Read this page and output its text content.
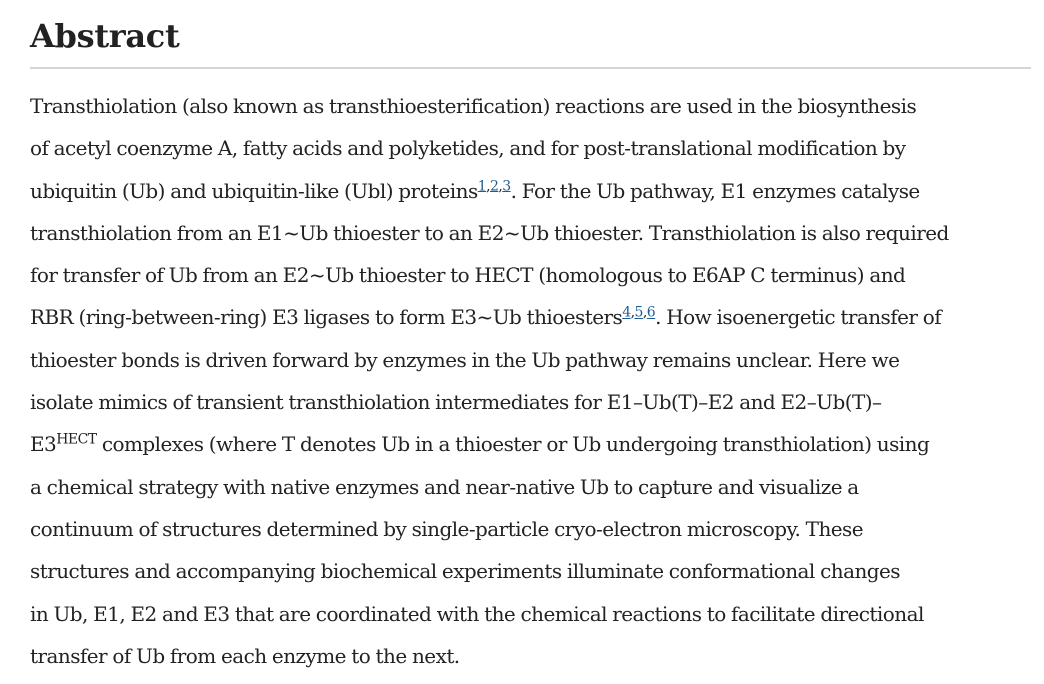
Abstract

Transthiolation (also known as transthioesterification) reactions are used in the biosynthesis
of acetyl coenzyme A, fatty acids and polyketides, and for post-translational modification by
ubiquitin (Ub) and ubiquitin-like (Ubl) proteins$^{1,2,3}$. For the Ub pathway, E1 enzymes catalyse
transthiolation from an E1~Ub thioester to an E2~Ub thioester. Transthiolation is also required
for transfer of Ub from an E2~Ub thioester to HECT (homologous to E6AP C terminus) and
RBR (ring-between-ring) E3 ligases to form E3~Ub thioesters$^{4,5,6}$. How isoenergetic transfer of
thioester bonds is driven forward by enzymes in the Ub pathway remains unclear. Here we
isolate mimics of transient transthiolation intermediates for E1–Ub(T)–E2 and E2–Ub(T)–
$E3^{HECT}$ complexes (where T denotes Ub in a thioester or Ub undergoing transthiolation) using
a chemical strategy with native enzymes and near-native Ub to capture and visualize a
continuum of structures determined by single-particle cryo-electron microscopy. These
structures and accompanying biochemical experiments illuminate conformational changes
in Ub, E1, E2 and E3 that are coordinated with the chemical reactions to facilitate directional
transfer of Ub from each enzyme to the next.
